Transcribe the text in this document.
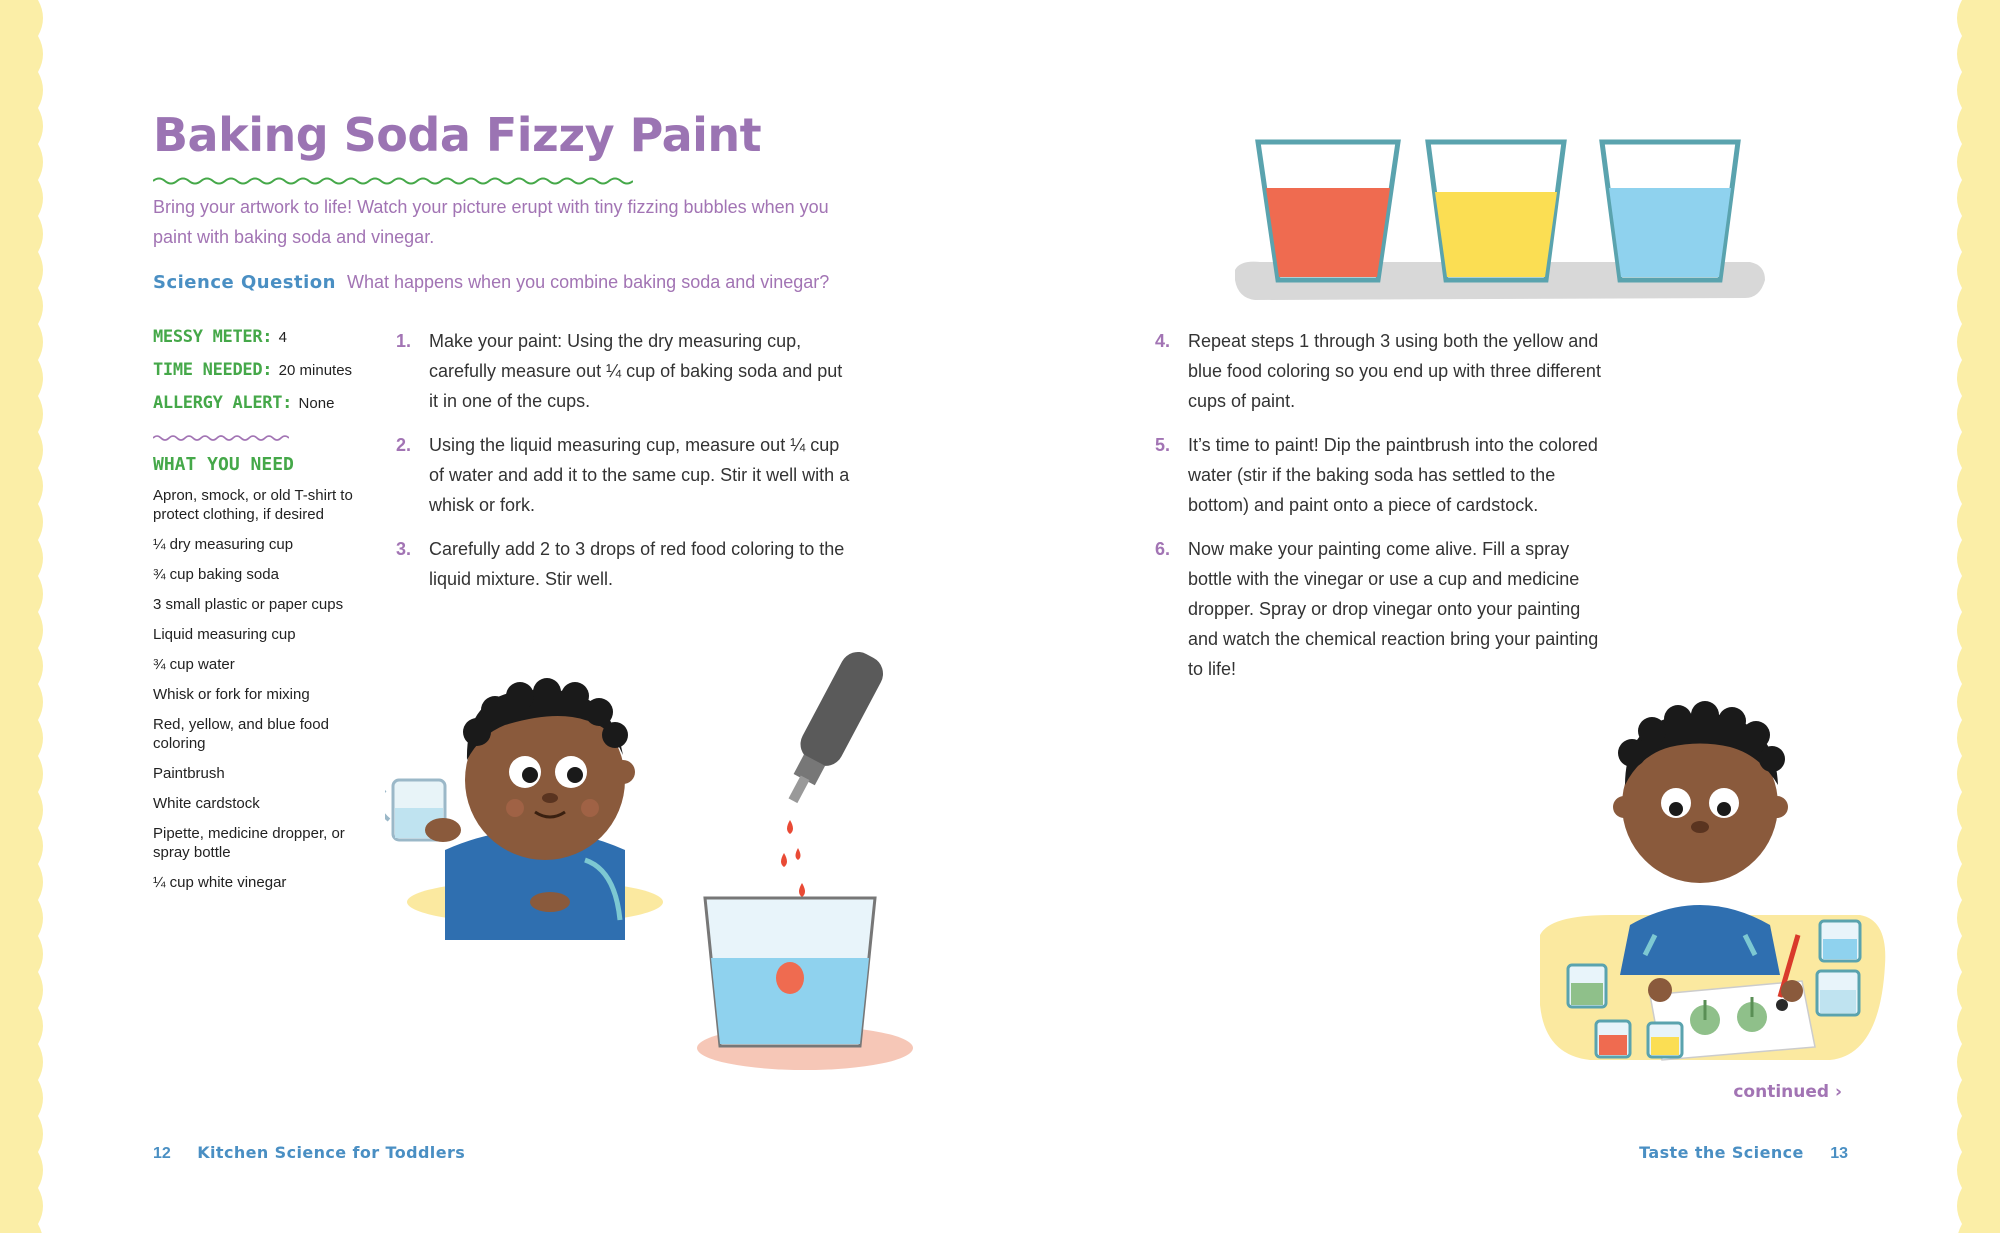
Baking Soda Fizzy Paint

Bring your artwork to life! Watch your picture erupt with tiny fizzing bubbles when you paint with baking soda and vinegar.

Science Question What happens when you combine baking soda and vinegar?
MESSY METER: 4
TIME NEEDED: 20 minutes
ALLERGY ALERT: None
WHAT YOU NEED
Apron, smock, or old T-shirt to protect clothing, if desired
¼ dry measuring cup
¾ cup baking soda
3 small plastic or paper cups
Liquid measuring cup
¾ cup water
Whisk or fork for mixing
Red, yellow, and blue food coloring
Paintbrush
White cardstock
Pipette, medicine dropper, or spray bottle
¼ cup white vinegar
1. Make your paint: Using the dry measuring cup, carefully measure out ¼ cup of baking soda and put it in one of the cups.
2. Using the liquid measuring cup, measure out ¼ cup of water and add it to the same cup. Stir it well with a whisk or fork.
3. Carefully add 2 to 3 drops of red food coloring to the liquid mixture. Stir well.
4. Repeat steps 1 through 3 using both the yellow and blue food coloring so you end up with three different cups of paint.
5. It’s time to paint! Dip the paintbrush into the colored water (stir if the baking soda has settled to the bottom) and paint onto a piece of cardstock.
6. Now make your painting come alive. Fill a spray bottle with the vinegar or use a cup and medicine dropper. Spray or drop vinegar onto your painting and watch the chemical reaction bring your painting to life!
continued ›
12 Kitchen Science for Toddlers	Taste the Science 13
